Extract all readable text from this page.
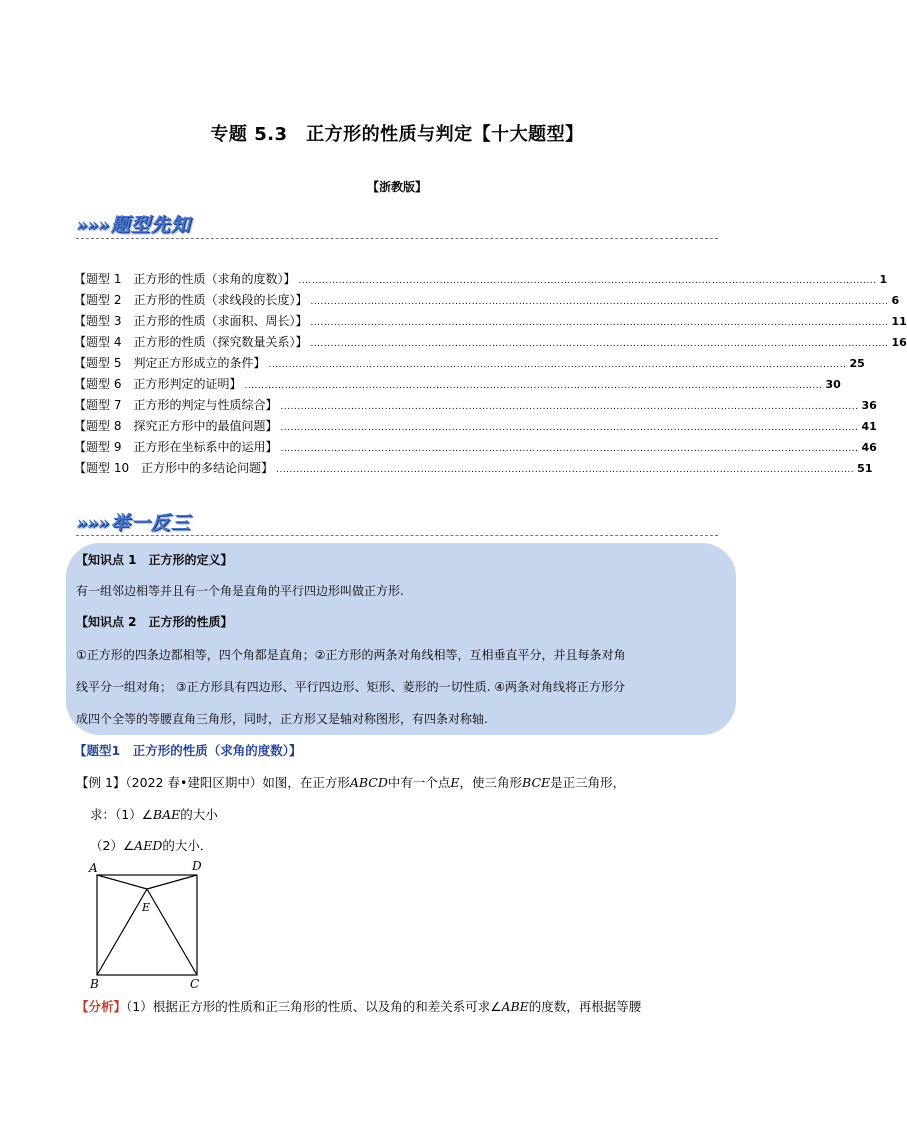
专题 5.3　正方形的性质与判定【十大题型】
【浙教版】
»»» 题型先知
【题型 1　正方形的性质（求角的度数）】 ............................................................................................................................................................................ 1
【题型 2　正方形的性质（求线段的长度）】 ............................................................................................................................................................................ 6
【题型 3　正方形的性质（求面积、周长）】 ............................................................................................................................................................................ 11
【题型 4　正方形的性质（探究数量关系）】 ............................................................................................................................................................................ 16
【题型 5　判定正方形成立的条件】 ............................................................................................................................................................................ 25
【题型 6　正方形判定的证明】 ............................................................................................................................................................................ 30
【题型 7　正方形的判定与性质综合】 ............................................................................................................................................................................ 36
【题型 8　探究正方形中的最值问题】 ............................................................................................................................................................................ 41
【题型 9　正方形在坐标系中的运用】 ............................................................................................................................................................................ 46
【题型 10　正方形中的多结论问题】 ............................................................................................................................................................................ 51
»»» 举一反三
【知识点 1　正方形的定义】
有一组邻边相等并且有一个角是直角的平行四边形叫做正方形.
【知识点 2　正方形的性质】
①正方形的四条边都相等，四个角都是直角；②正方形的两条对角线相等，互相垂直平分，并且每条对角
线平分一组对角； ③正方形具有四边形、平行四边形、矩形、菱形的一切性质. ④两条对角线将正方形分
成四个全等的等腰直角三角形，同时，正方形又是轴对称图形，有四条对称轴.
【题型1　正方形的性质（求角的度数）】
【例 1】（2022 春•建阳区期中）如图，在正方形ABCD中有一个点E，使三角形BCE是正三角形，
求：（1）∠BAE的大小
（2）∠AED的大小．
A	D
E
B	C
【分析】（1）根据正方形的性质和正三角形的性质、以及角的和差关系可求∠ABE的度数，再根据等腰
